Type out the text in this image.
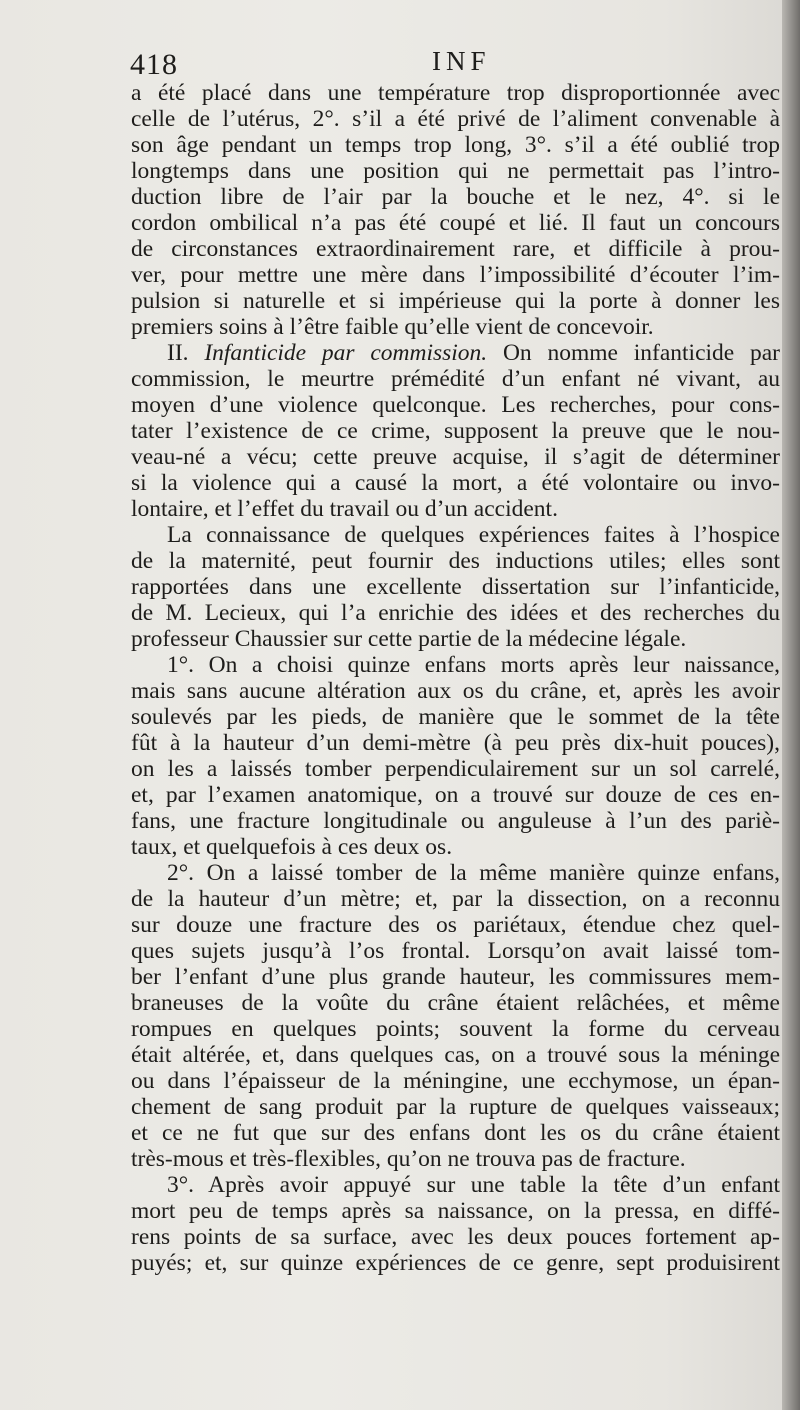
418	INF
a été placé dans une température trop disproportionnée avec
celle de l’utérus, 2°. s’il a été privé de l’aliment convenable à
son âge pendant un temps trop long, 3°. s’il a été oublié trop
longtemps dans une position qui ne permettait pas l’intro-
duction libre de l’air par la bouche et le nez, 4°. si le
cordon ombilical n’a pas été coupé et lié. Il faut un concours
de circonstances extraordinairement rare, et difficile à prou-
ver, pour mettre une mère dans l’impossibilité d’écouter l’im-
pulsion si naturelle et si impérieuse qui la porte à donner les
premiers soins à l’être faible qu’elle vient de concevoir.
II. Infanticide par commission. On nomme infanticide par
commission, le meurtre prémédité d’un enfant né vivant, au
moyen d’une violence quelconque. Les recherches, pour cons-
tater l’existence de ce crime, supposent la preuve que le nou-
veau-né a vécu; cette preuve acquise, il s’agit de déterminer
si la violence qui a causé la mort, a été volontaire ou invo-
lontaire, et l’effet du travail ou d’un accident.
La connaissance de quelques expériences faites à l’hospice
de la maternité, peut fournir des inductions utiles; elles sont
rapportées dans une excellente dissertation sur l’infanticide,
de M. Lecieux, qui l’a enrichie des idées et des recherches du
professeur Chaussier sur cette partie de la médecine légale.
1°. On a choisi quinze enfans morts après leur naissance,
mais sans aucune altération aux os du crâne, et, après les avoir
soulevés par les pieds, de manière que le sommet de la tête
fût à la hauteur d’un demi-mètre (à peu près dix-huit pouces),
on les a laissés tomber perpendiculairement sur un sol carrelé,
et, par l’examen anatomique, on a trouvé sur douze de ces en-
fans, une fracture longitudinale ou anguleuse à l’un des pariè-
taux, et quelquefois à ces deux os.
2°. On a laissé tomber de la même manière quinze enfans,
de la hauteur d’un mètre; et, par la dissection, on a reconnu
sur douze une fracture des os pariétaux, étendue chez quel-
ques sujets jusqu’à l’os frontal. Lorsqu’on avait laissé tom-
ber l’enfant d’une plus grande hauteur, les commissures mem-
braneuses de la voûte du crâne étaient relâchées, et même
rompues en quelques points; souvent la forme du cerveau
était altérée, et, dans quelques cas, on a trouvé sous la méninge
ou dans l’épaisseur de la méningine, une ecchymose, un épan-
chement de sang produit par la rupture de quelques vaisseaux;
et ce ne fut que sur des enfans dont les os du crâne étaient
très-mous et très-flexibles, qu’on ne trouva pas de fracture.
3°. Après avoir appuyé sur une table la tête d’un enfant
mort peu de temps après sa naissance, on la pressa, en diffé-
rens points de sa surface, avec les deux pouces fortement ap-
puyés; et, sur quinze expériences de ce genre, sept produisirent
